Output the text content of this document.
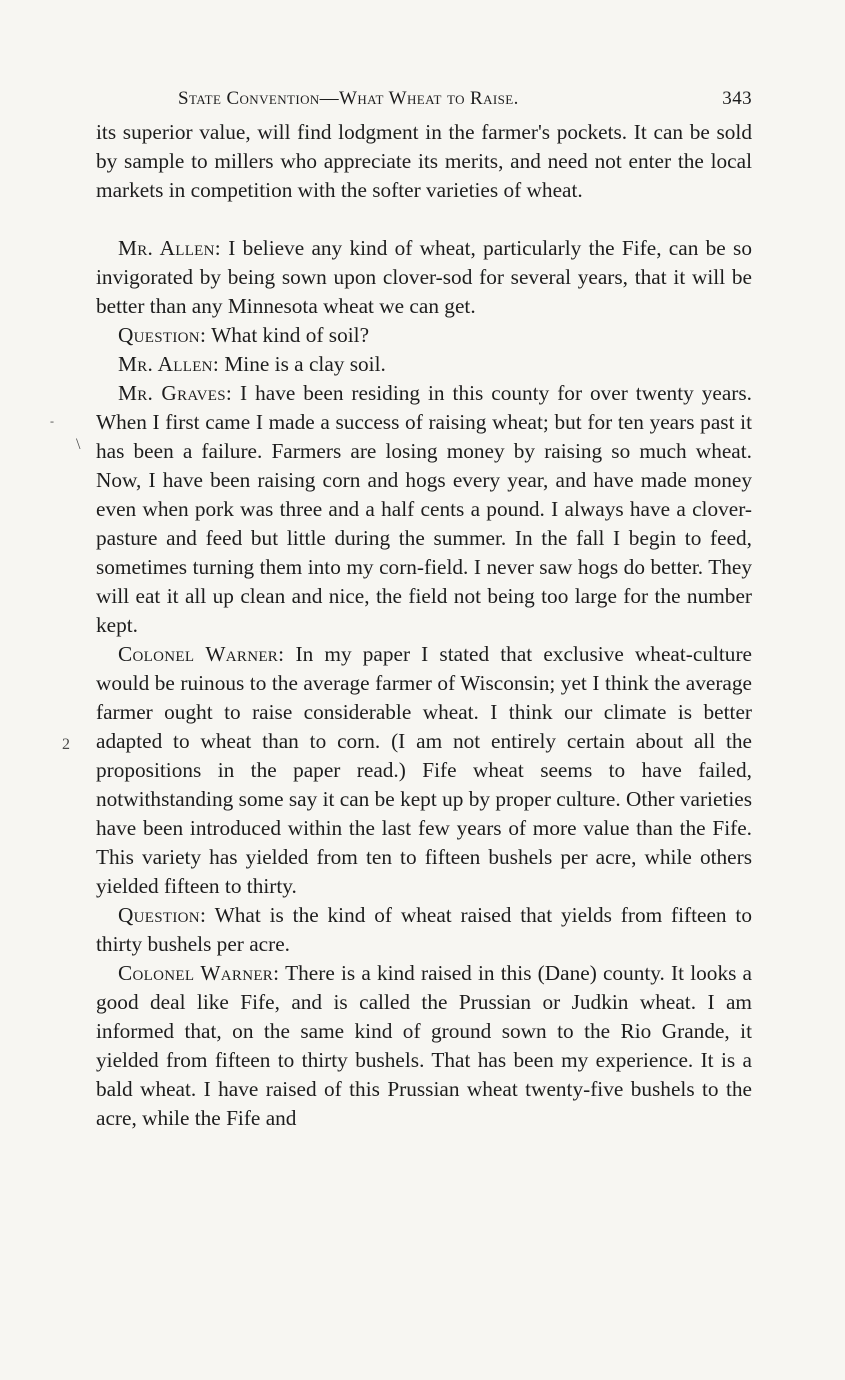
State Convention—What Wheat to Raise.	343

its superior value, will find lodgment in the farmer's pockets. It can be sold by sample to millers who appreciate its merits, and need not enter the local markets in competition with the softer varieties of wheat.

Mr. Allen: I believe any kind of wheat, particularly the Fife, can be so invigorated by being sown upon clover-sod for several years, that it will be better than any Minnesota wheat we can get.

Question: What kind of soil?

Mr. Allen: Mine is a clay soil.

Mr. Graves: I have been residing in this county for over twenty years. When I first came I made a success of raising wheat; but for ten years past it has been a failure. Farmers are losing money by raising so much wheat. Now, I have been raising corn and hogs every year, and have made money even when pork was three and a half cents a pound. I always have a clover-pasture and feed but little during the summer. In the fall I begin to feed, sometimes turning them into my corn-field. I never saw hogs do better. They will eat it all up clean and nice, the field not being too large for the number kept.

Colonel Warner: In my paper I stated that exclusive wheat-culture would be ruinous to the average farmer of Wisconsin; yet I think the average farmer ought to raise considerable wheat. I think our climate is better adapted to wheat than to corn. (I am not entirely certain about all the propositions in the paper read.) Fife wheat seems to have failed, notwithstanding some say it can be kept up by proper culture. Other varieties have been introduced within the last few years of more value than the Fife. This variety has yielded from ten to fifteen bushels per acre, while others yielded fifteen to thirty.

Question: What is the kind of wheat raised that yields from fifteen to thirty bushels per acre.

Colonel Warner: There is a kind raised in this (Dane) county. It looks a good deal like Fife, and is called the Prussian or Judkin wheat. I am informed that, on the same kind of ground sown to the Rio Grande, it yielded from fifteen to thirty bushels. That has been my experience. It is a bald wheat. I have raised of this Prussian wheat twenty-five bushels to the acre, while the Fife and

\
2
-
